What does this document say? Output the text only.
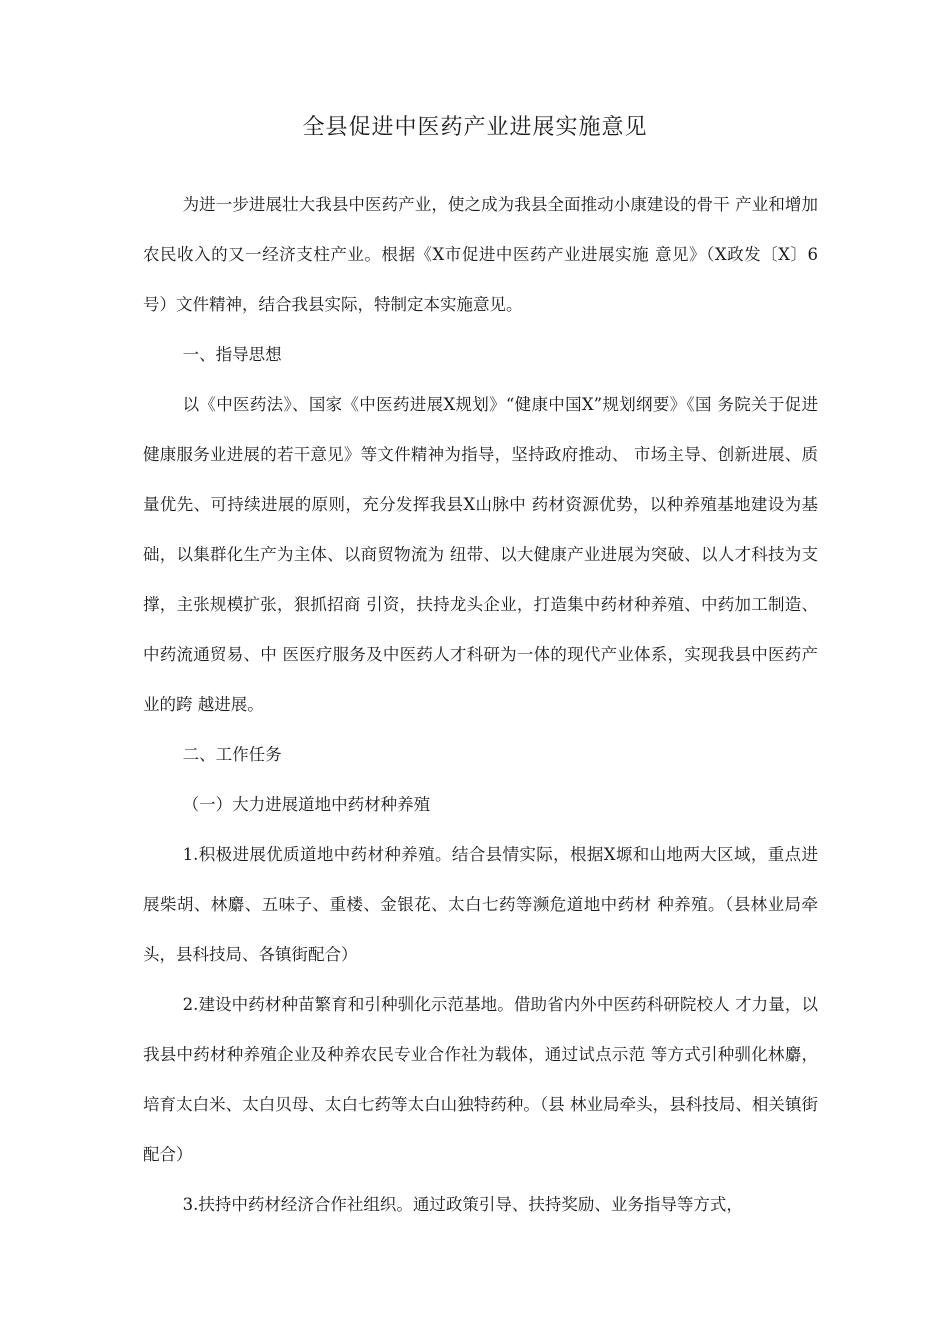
全县促进中医药产业进展实施意见

为进一步进展壮大我县中医药产业，使之成为我县全面推动小康建设的骨干 产业和增加农民收入的又一经济支柱产业。根据《X市促进中医药产业进展实施 意见》（X政发〔X〕6号）文件精神，结合我县实际，特制定本实施意见。

一、指导思想

以《中医药法》、国家《中医药进展X规划》“健康中国X”规划纲要》《国 务院关于促进健康服务业进展的若干意见》等文件精神为指导，坚持政府推动、 市场主导、创新进展、质量优先、可持续进展的原则，充分发挥我县X山脉中 药材资源优势，以种养殖基地建设为基础，以集群化生产为主体、以商贸物流为 纽带、以大健康产业进展为突破、以人才科技为支撑，主张规模扩张，狠抓招商 引资，扶持龙头企业，打造集中药材种养殖、中药加工制造、中药流通贸易、中 医医疗服务及中医药人才科研为一体的现代产业体系，实现我县中医药产业的跨 越进展。

二、工作任务

（一）大力进展道地中药材种养殖

1.积极进展优质道地中药材种养殖。结合县情实际，根据X塬和山地两大区域，重点进展柴胡、林麝、五味子、重楼、金银花、太白七药等濒危道地中药材 种养殖。（县林业局牵头，县科技局、各镇街配合）

2.建设中药材种苗繁育和引种驯化示范基地。借助省内外中医药科研院校人 才力量，以我县中药材种养殖企业及种养农民专业合作社为载体，通过试点示范 等方式引种驯化林麝，培育太白米、太白贝母、太白七药等太白山独特药种。（县 林业局牵头，县科技局、相关镇街配合）

3.扶持中药材经济合作社组织。通过政策引导、扶持奖励、业务指导等方式，
